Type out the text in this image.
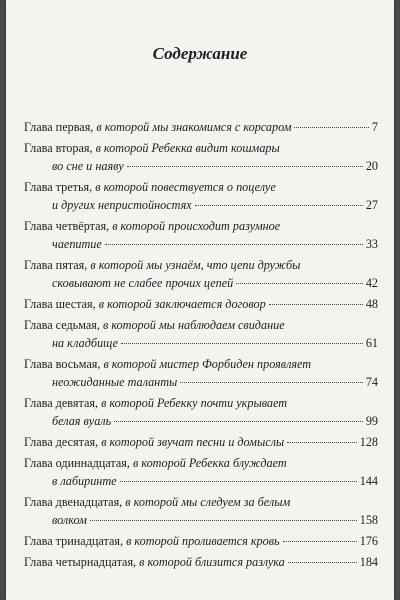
Содержание
Глава первая, в которой мы знакомимся с корсаром	7
Глава вторая, в которой Ребекка видит кошмары
во сне и наяву	20
Глава третья, в которой повествуется о поцелуе
и других непристойностях	27
Глава четвёртая, в которой происходит разумное
чаепитие	33
Глава пятая, в которой мы узнаём, что цепи дружбы
сковывают не слабее прочих цепей	42
Глава шестая, в которой заключается договор	48
Глава седьмая, в которой мы наблюдаем свидание
на кладбище	61
Глава восьмая, в которой мистер Форбиден проявляет
неожиданные таланты	74
Глава девятая, в которой Ребекку почти укрывает
белая вуаль	99
Глава десятая, в которой звучат песни и домыслы	128
Глава одиннадцатая, в которой Ребекка блуждает
в лабиринте	144
Глава двенадцатая, в которой мы следуем за белым
волком	158
Глава тринадцатая, в которой проливается кровь	176
Глава четырнадцатая, в которой близится разлука	184
